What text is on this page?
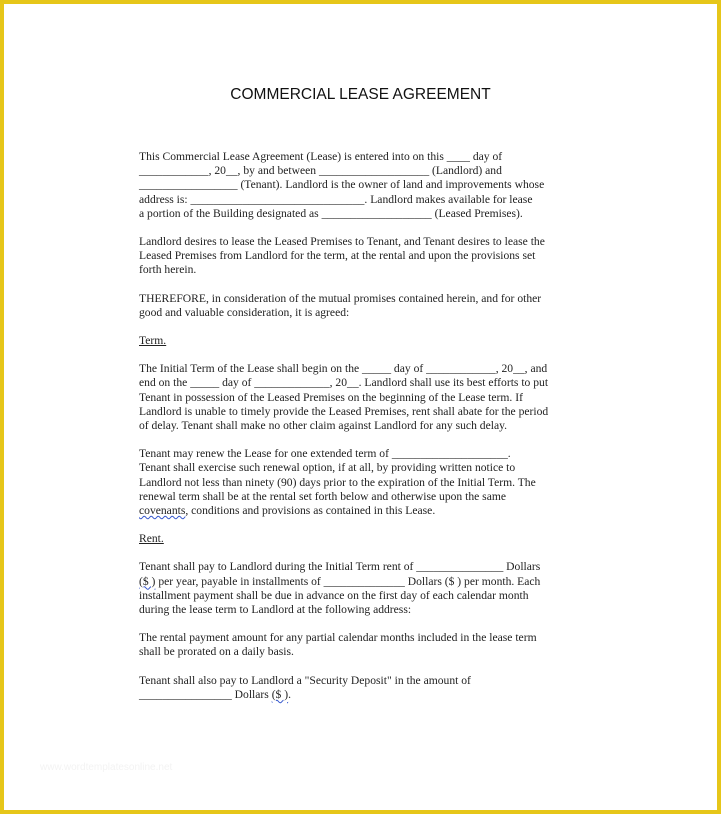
COMMERCIAL LEASE AGREEMENT

This Commercial Lease Agreement (Lease) is entered into on this ____ day of
____________, 20__, by and between ___________________ (Landlord) and
_________________ (Tenant). Landlord is the owner of land and improvements whose
address is: ______________________________. Landlord makes available for lease
a portion of the Building designated as ___________________ (Leased Premises).

Landlord desires to lease the Leased Premises to Tenant, and Tenant desires to lease the
Leased Premises from Landlord for the term, at the rental and upon the provisions set
forth herein.

THEREFORE, in consideration of the mutual promises contained herein, and for other
good and valuable consideration, it is agreed:

Term.

The Initial Term of the Lease shall begin on the _____ day of ____________, 20__, and
end on the _____ day of _____________, 20__. Landlord shall use its best efforts to put
Tenant in possession of the Leased Premises on the beginning of the Lease term. If
Landlord is unable to timely provide the Leased Premises, rent shall abate for the period
of delay. Tenant shall make no other claim against Landlord for any such delay.

Tenant may renew the Lease for one extended term of ____________________.
Tenant shall exercise such renewal option, if at all, by providing written notice to
Landlord not less than ninety (90) days prior to the expiration of the Initial Term. The
renewal term shall be at the rental set forth below and otherwise upon the same
covenants, conditions and provisions as contained in this Lease.

Rent.

Tenant shall pay to Landlord during the Initial Term rent of _______________ Dollars
($ ) per year, payable in installments of ______________ Dollars ($ ) per month. Each
installment payment shall be due in advance on the first day of each calendar month
during the lease term to Landlord at the following address:

The rental payment amount for any partial calendar months included in the lease term
shall be prorated on a daily basis.

Tenant shall also pay to Landlord a "Security Deposit" in the amount of
________________ Dollars ($ ).

www.wordtemplatesonline.net
